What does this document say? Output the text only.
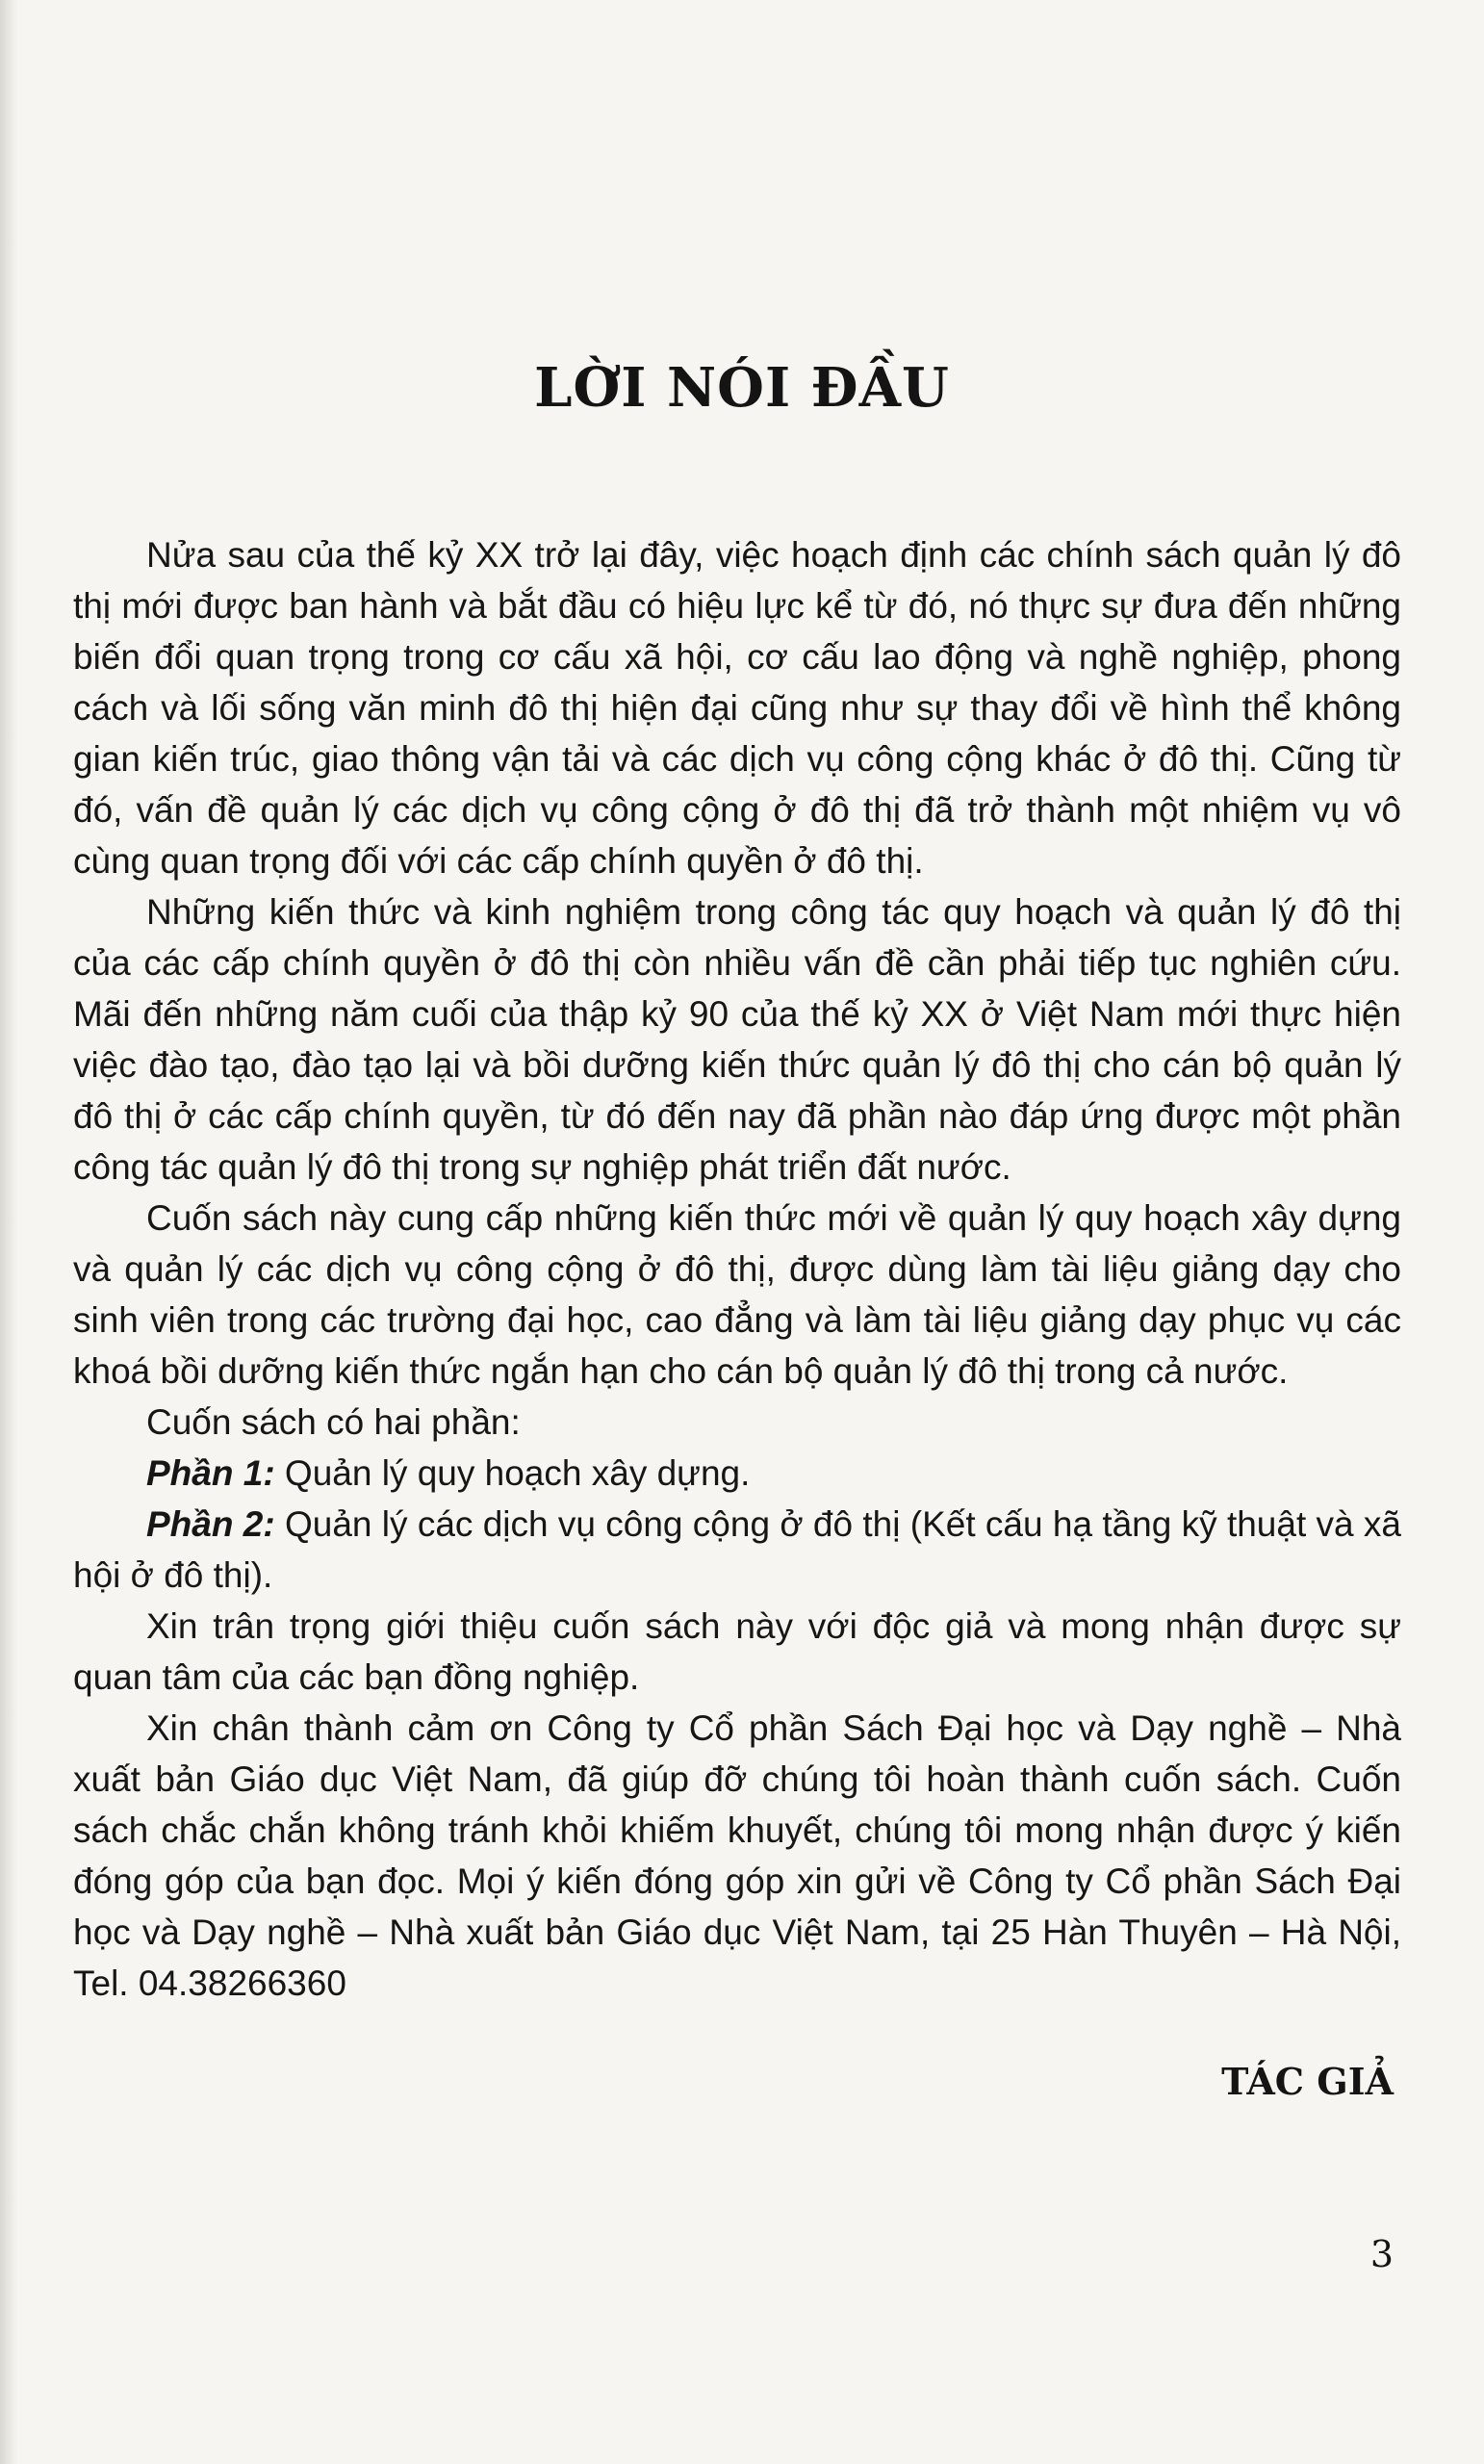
LỜI NÓI ĐẦU

Nửa sau của thế kỷ XX trở lại đây, việc hoạch định các chính sách quản lý đô thị mới được ban hành và bắt đầu có hiệu lực kể từ đó, nó thực sự đưa đến những biến đổi quan trọng trong cơ cấu xã hội, cơ cấu lao động và nghề nghiệp, phong cách và lối sống văn minh đô thị hiện đại cũng như sự thay đổi về hình thể không gian kiến trúc, giao thông vận tải và các dịch vụ công cộng khác ở đô thị. Cũng từ đó, vấn đề quản lý các dịch vụ công cộng ở đô thị đã trở thành một nhiệm vụ vô cùng quan trọng đối với các cấp chính quyền ở đô thị.

Những kiến thức và kinh nghiệm trong công tác quy hoạch và quản lý đô thị của các cấp chính quyền ở đô thị còn nhiều vấn đề cần phải tiếp tục nghiên cứu. Mãi đến những năm cuối của thập kỷ 90 của thế kỷ XX ở Việt Nam mới thực hiện việc đào tạo, đào tạo lại và bồi dưỡng kiến thức quản lý đô thị cho cán bộ quản lý đô thị ở các cấp chính quyền, từ đó đến nay đã phần nào đáp ứng được một phần công tác quản lý đô thị trong sự nghiệp phát triển đất nước.

Cuốn sách này cung cấp những kiến thức mới về quản lý quy hoạch xây dựng và quản lý các dịch vụ công cộng ở đô thị, được dùng làm tài liệu giảng dạy cho sinh viên trong các trường đại học, cao đẳng và làm tài liệu giảng dạy phục vụ các khoá bồi dưỡng kiến thức ngắn hạn cho cán bộ quản lý đô thị trong cả nước.

Cuốn sách có hai phần:

Phần 1: Quản lý quy hoạch xây dựng.

Phần 2: Quản lý các dịch vụ công cộng ở đô thị (Kết cấu hạ tầng kỹ thuật và xã hội ở đô thị).

Xin trân trọng giới thiệu cuốn sách này với độc giả và mong nhận được sự quan tâm của các bạn đồng nghiệp.

Xin chân thành cảm ơn Công ty Cổ phần Sách Đại học và Dạy nghề – Nhà xuất bản Giáo dục Việt Nam, đã giúp đỡ chúng tôi hoàn thành cuốn sách. Cuốn sách chắc chắn không tránh khỏi khiếm khuyết, chúng tôi mong nhận được ý kiến đóng góp của bạn đọc. Mọi ý kiến đóng góp xin gửi về Công ty Cổ phần Sách Đại học và Dạy nghề – Nhà xuất bản Giáo dục Việt Nam, tại 25 Hàn Thuyên – Hà Nội, Tel. 04.38266360

TÁC GIẢ
3
